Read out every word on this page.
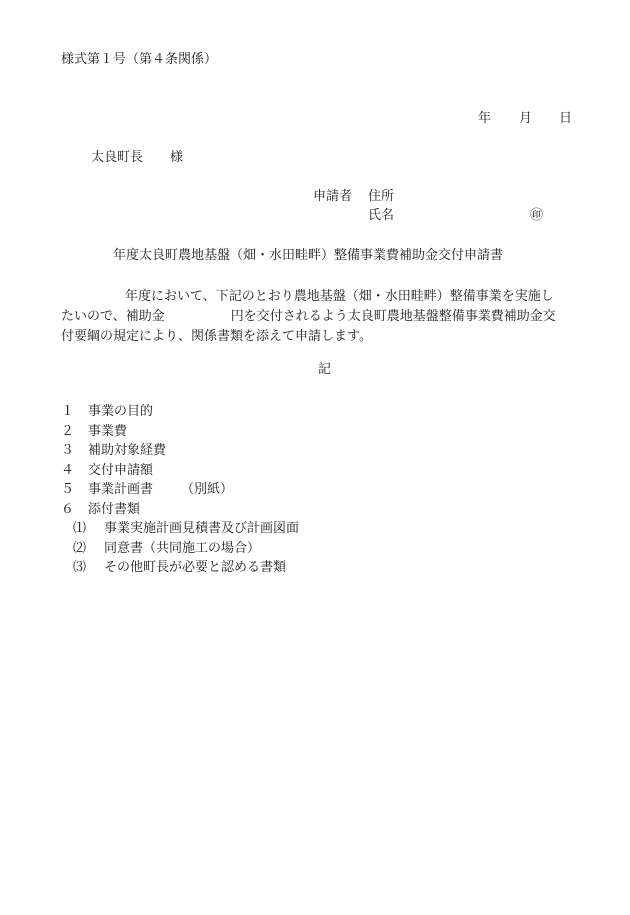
様式第１号（第４条関係）
年 月 日
太良町長 様
申請者 住所
氏名	㊞
年度太良町農地基盤（畑・水田畦畔）整備事業費補助金交付申請書
年度において、下記のとおり農地基盤（畑・水田畦畔）整備事業を実施し
たいので、補助金	円を交付されるよう太良町農地基盤整備事業費補助金交
付要綱の規定により、関係書類を添えて申請します。
記
１	事業の目的
２	事業費
３	補助対象経費
４	交付申請額
５	事業計画書 （別紙）
６	添付書類
⑴	事業実施計画見積書及び計画図面
⑵	同意書（共同施工の場合）
⑶	その他町長が必要と認める書類
